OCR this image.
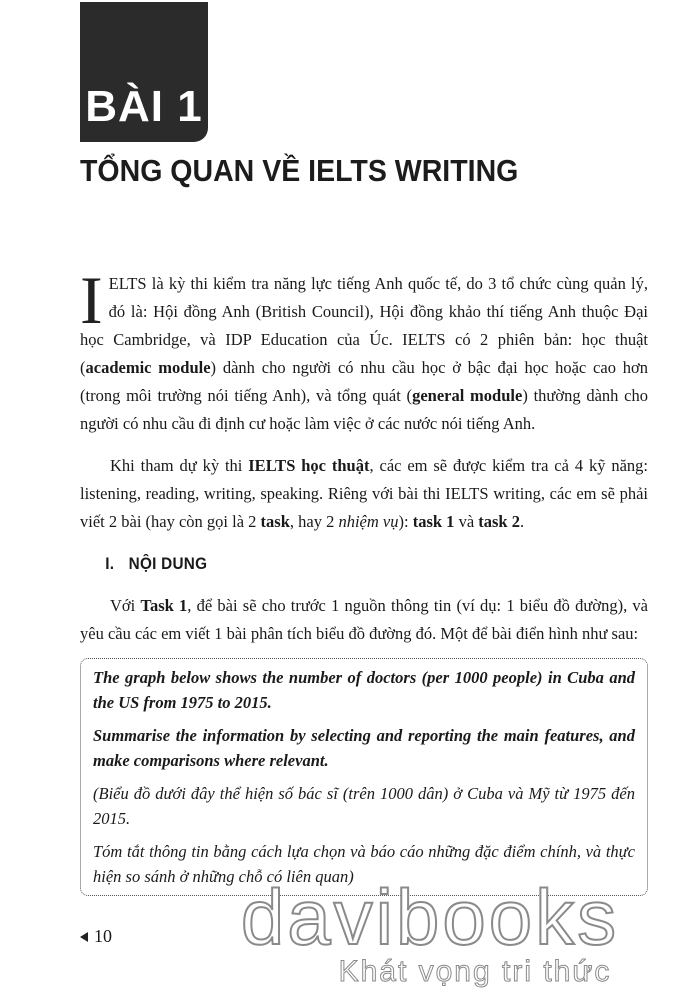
BÀI 1
TỔNG QUAN VỀ IELTS WRITING

IELTS là kỳ thi kiểm tra năng lực tiếng Anh quốc tế, do 3 tổ chức cùng quản lý, đó là: Hội đồng Anh (British Council), Hội đồng khảo thí tiếng Anh thuộc Đại học Cambridge, và IDP Education của Úc. IELTS có 2 phiên bản: học thuật (academic module) dành cho người có nhu cầu học ở bậc đại học hoặc cao hơn (trong môi trường nói tiếng Anh), và tổng quát (general module) thường dành cho người có nhu cầu đi định cư hoặc làm việc ở các nước nói tiếng Anh.

Khi tham dự kỳ thi IELTS học thuật, các em sẽ được kiểm tra cả 4 kỹ năng: listening, reading, writing, speaking. Riêng với bài thi IELTS writing, các em sẽ phải viết 2 bài (hay còn gọi là 2 task, hay 2 nhiệm vụ): task 1 và task 2.

I. NỘI DUNG

Với Task 1, để bài sẽ cho trước 1 nguồn thông tin (ví dụ: 1 biểu đồ đường), và yêu cầu các em viết 1 bài phân tích biểu đồ đường đó. Một để bài điển hình như sau:

The graph below shows the number of doctors (per 1000 people) in Cuba and the US from 1975 to 2015.

Summarise the information by selecting and reporting the main features, and make comparisons where relevant.

(Biểu đồ dưới đây thể hiện số bác sĩ (trên 1000 dân) ở Cuba và Mỹ từ 1975 đến 2015.

Tóm tắt thông tin bằng cách lựa chọn và báo cáo những đặc điểm chính, và thực hiện so sánh ở những chỗ có liên quan)

10	davibooks
Khát vọng tri thức
